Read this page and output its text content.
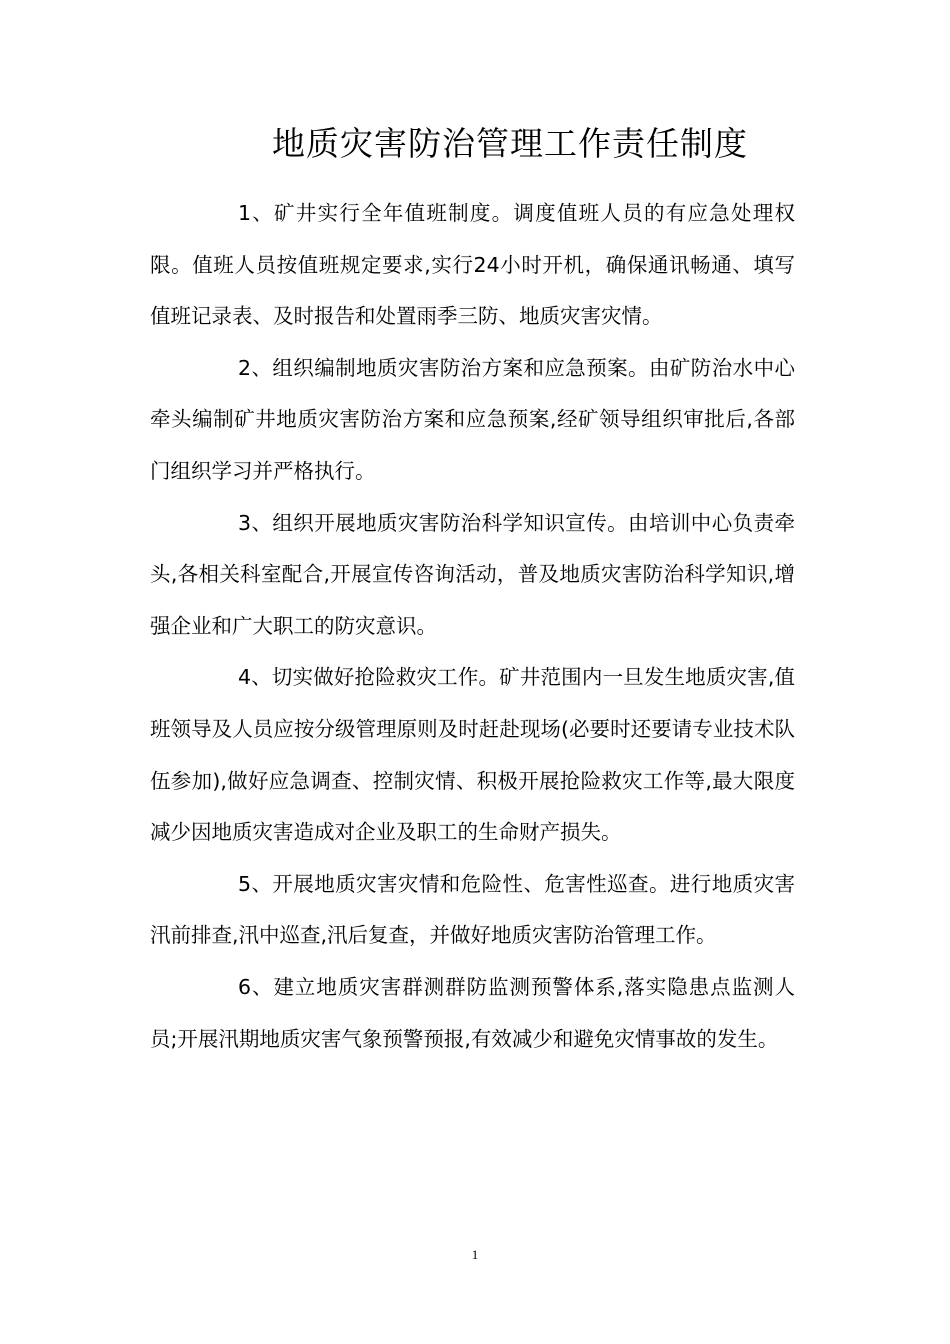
地质灾害防治管理工作责任制度

1、矿井实行全年值班制度。调度值班人员的有应急处理权限。值班人员按值班规定要求,实行24小时开机，确保通讯畅通、填写值班记录表、及时报告和处置雨季三防、地质灾害灾情。

2、组织编制地质灾害防治方案和应急预案。由矿防治水中心牵头编制矿井地质灾害防治方案和应急预案,经矿领导组织审批后,各部门组织学习并严格执行。

3、组织开展地质灾害防治科学知识宣传。由培训中心负责牵头,各相关科室配合,开展宣传咨询活动，普及地质灾害防治科学知识,增强企业和广大职工的防灾意识。

4、切实做好抢险救灾工作。矿井范围内一旦发生地质灾害,值班领导及人员应按分级管理原则及时赶赴现场(必要时还要请专业技术队伍参加),做好应急调查、控制灾情、积极开展抢险救灾工作等,最大限度减少因地质灾害造成对企业及职工的生命财产损失。

5、开展地质灾害灾情和危险性、危害性巡查。进行地质灾害汛前排查,汛中巡查,汛后复查，并做好地质灾害防治管理工作。

6、建立地质灾害群测群防监测预警体系,落实隐患点监测人员;开展汛期地质灾害气象预警预报,有效减少和避免灾情事故的发生。

1
